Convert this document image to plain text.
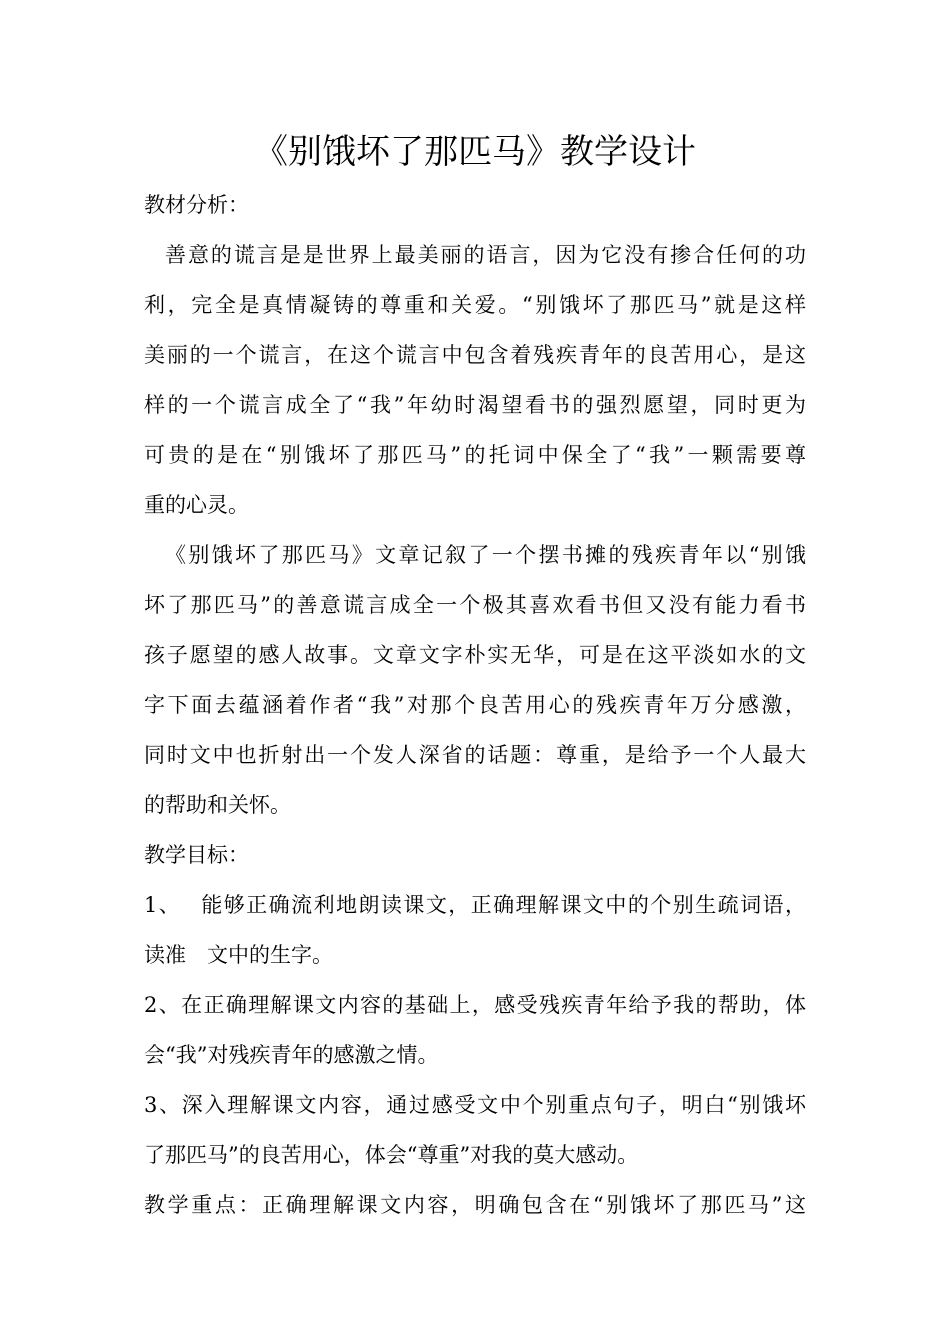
《别饿坏了那匹马》教学设计
教材分析：
善意的谎言是是世界上最美丽的语言，因为它没有掺合任何的功
利，完全是真情凝铸的尊重和关爱。“别饿坏了那匹马”就是这样
美丽的一个谎言，在这个谎言中包含着残疾青年的良苦用心，是这
样的一个谎言成全了“我”年幼时渴望看书的强烈愿望，同时更为
可贵的是在“别饿坏了那匹马”的托词中保全了“我”一颗需要尊
重的心灵。
《别饿坏了那匹马》文章记叙了一个摆书摊的残疾青年以“别饿
坏了那匹马”的善意谎言成全一个极其喜欢看书但又没有能力看书
孩子愿望的感人故事。文章文字朴实无华，可是在这平淡如水的文
字下面去蕴涵着作者“我”对那个良苦用心的残疾青年万分感激，
同时文中也折射出一个发人深省的话题：尊重，是给予一个人最大
的帮助和关怀。
教学目标：
1、　 能够正确流利地朗读课文，正确理解课文中的个别生疏词语，
读准　文中的生字。
2、在正确理解课文内容的基础上，感受残疾青年给予我的帮助，体
会“我”对残疾青年的感激之情。
3、深入理解课文内容，通过感受文中个别重点句子，明白“别饿坏
了那匹马”的良苦用心，体会“尊重”对我的莫大感动。
教学重点：正确理解课文内容，明确包含在“别饿坏了那匹马”这
